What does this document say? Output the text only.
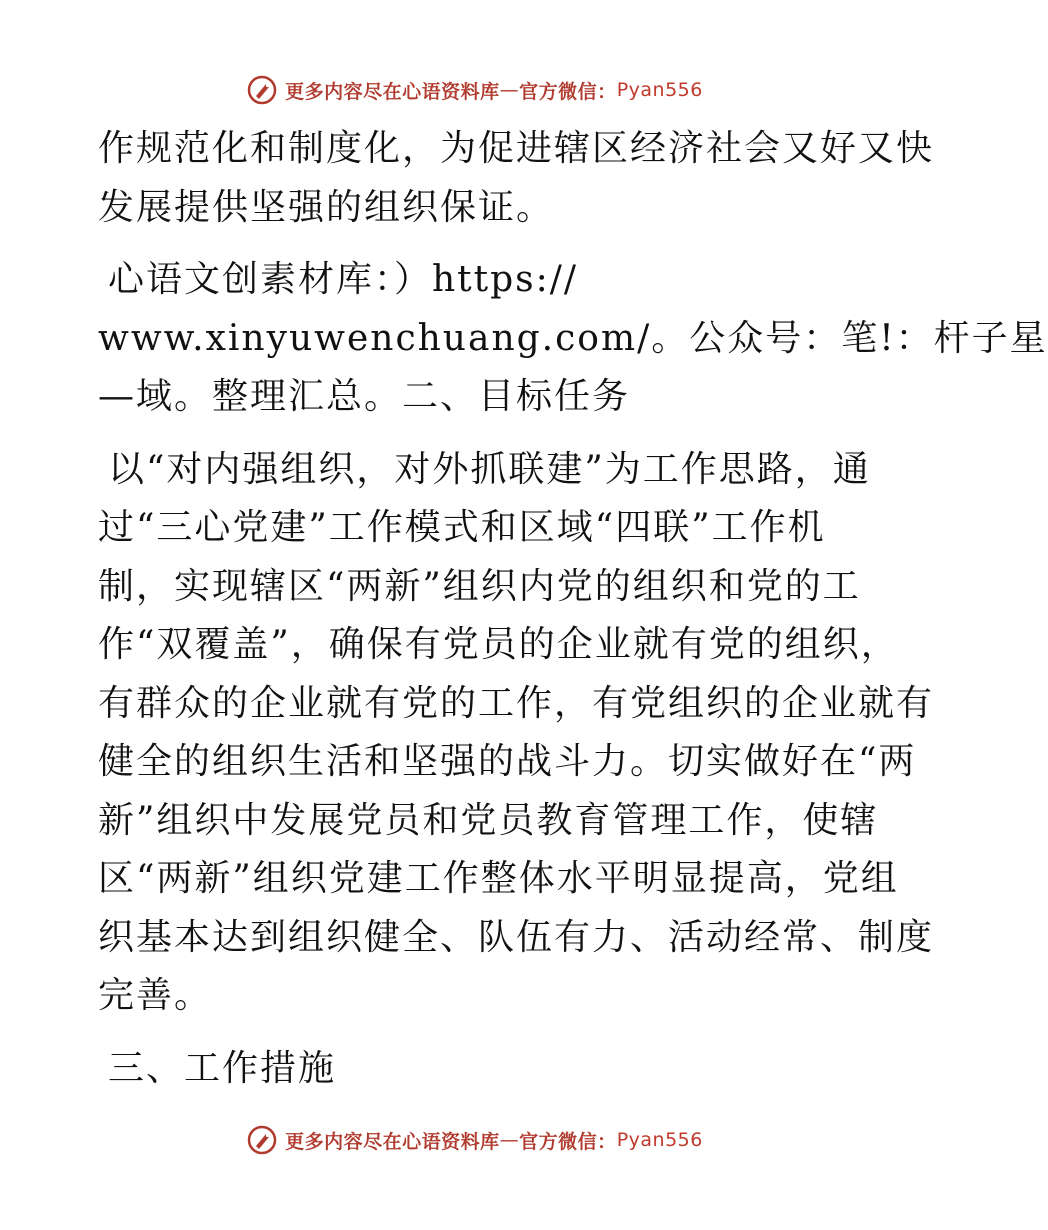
更多内容尽在心语资料库 — 官方微信： Pyan556
作规范化和制度化，为促进辖区经济社会又好又快
发展提供坚强的组织保证。
心语文创素材库：）https://
www.xinyuwenchuang.com/。公众号：笔!：杆子星
—域。整理汇总。二、目标任务
以“对内强组织，对外抓联建”为工作思路，通
过“三心党建”工作模式和区域“四联”工作机
制，实现辖区“两新”组织内党的组织和党的工
作“双覆盖”，确保有党员的企业就有党的组织，
有群众的企业就有党的工作，有党组织的企业就有
健全的组织生活和坚强的战斗力。切实做好在“两
新”组织中发展党员和党员教育管理工作，使辖
区“两新”组织党建工作整体水平明显提高，党组
织基本达到组织健全、队伍有力、活动经常、制度
完善。
三、工作措施
更多内容尽在心语资料库 — 官方微信： Pyan556
